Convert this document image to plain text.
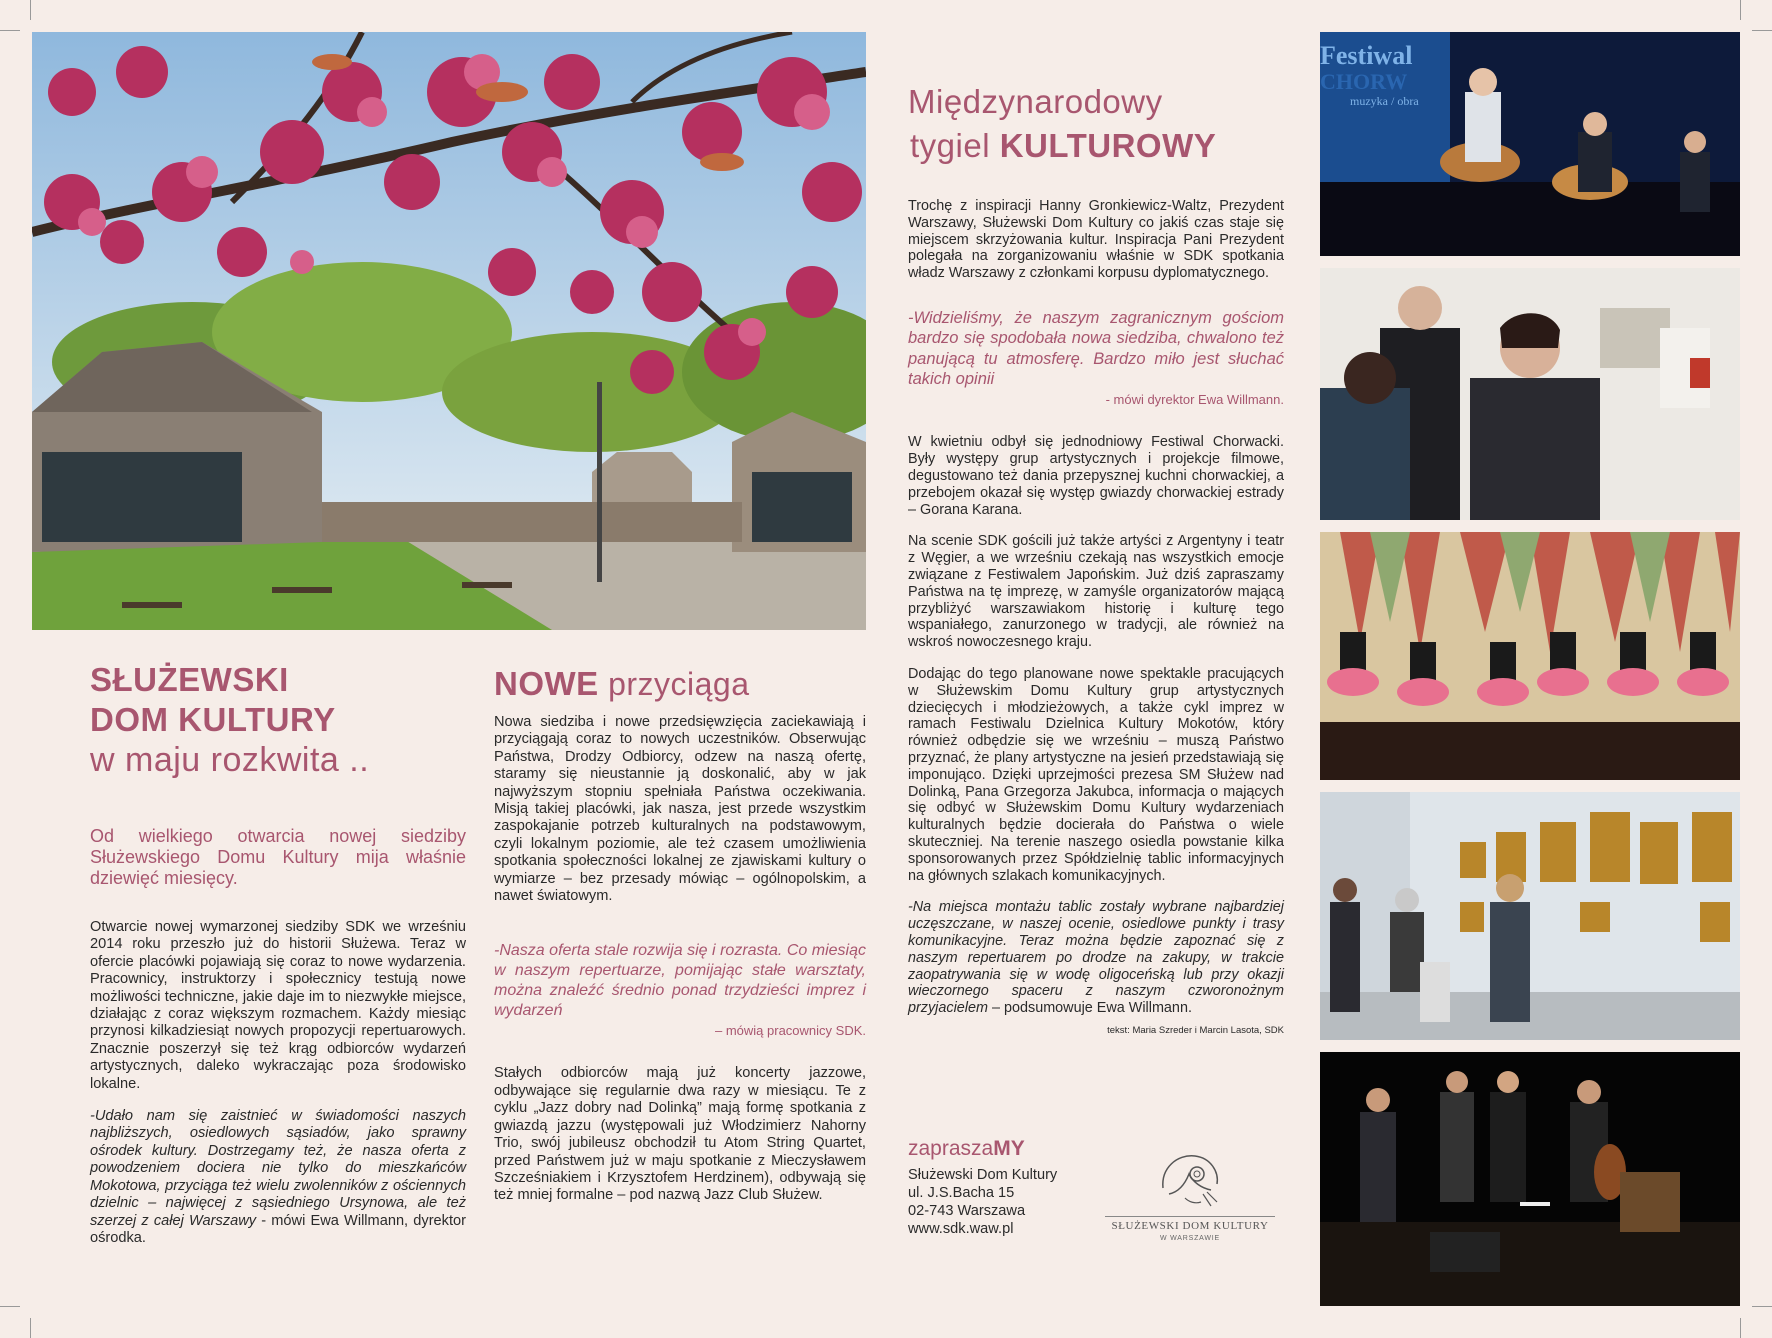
SŁUŻEWSKI
DOM KULTURY
w maju rozkwita ..

Od wielkiego otwarcia nowej siedziby Służewskiego Domu Kultury mija właśnie dziewięć miesięcy.

Otwarcie nowej wymarzonej siedziby SDK we wrześniu 2014 roku przeszło już do historii Służewa. Teraz w ofercie placówki pojawiają się coraz to nowe wydarzenia. Pracownicy, instruktorzy i społecznicy testują nowe możliwości techniczne, jakie daje im to niezwykłe miejsce, działając z coraz większym rozmachem. Każdy miesiąc przynosi kilkadziesiąt nowych propozycji repertuarowych. Znacznie poszerzył się też krąg odbiorców wydarzeń artystycznych, daleko wykraczając poza środowisko lokalne.

-Udało nam się zaistnieć w świadomości naszych najbliższych, osiedlowych sąsiadów, jako sprawny ośrodek kultury. Dostrzegamy też, że nasza oferta z powodzeniem dociera nie tylko do mieszkańców Mokotowa, przyciąga też wielu zwolenników z ościennych dzielnic – najwięcej z sąsiedniego Ursynowa, ale też szerzej z całej Warszawy - mówi Ewa Willmann, dyrektor ośrodka.

NOWE przyciąga

Nowa siedziba i nowe przedsięwzięcia zaciekawiają i przyciągają coraz to nowych uczestników. Obserwując Państwa, Drodzy Odbiorcy, odzew na naszą ofertę, staramy się nieustannie ją doskonalić, aby w jak najwyższym stopniu spełniała Państwa oczekiwania. Misją takiej placówki, jak nasza, jest przede wszystkim zaspokajanie potrzeb kulturalnych na podstawowym, czyli lokalnym poziomie, ale też czasem umożliwienia spotkania społeczności lokalnej ze zjawiskami kultury o wymiarze – bez przesady mówiąc – ogólnopolskim, a nawet światowym.

-Nasza oferta stale rozwija się i rozrasta. Co miesiąc w naszym repertuarze, pomijając stałe warsztaty, można znaleźć średnio ponad trzydzieści imprez i wydarzeń
– mówią pracownicy SDK.

Stałych odbiorców mają już koncerty jazzowe, odbywające się regularnie dwa razy w miesiącu. Te z cyklu „Jazz dobry nad Dolinką” mają formę spotkania z gwiazdą jazzu (występowali już Włodzimierz Nahorny Trio, swój jubileusz obchodził tu Atom String Quartet, przed Państwem już w maju spotkanie z Mieczysławem Szcześniakiem i Krzysztofem Herdzinem), odbywają się też mniej formalne – pod nazwą Jazz Club Służew.

Międzynarodowy
tygiel KULTUROWY

Trochę z inspiracji Hanny Gronkiewicz-Waltz, Prezydent Warszawy, Służewski Dom Kultury co jakiś czas staje się miejscem skrzyżowania kultur. Inspiracja Pani Prezydent polegała na zorganizowaniu właśnie w SDK spotkania władz Warszawy z członkami korpusu dyplomatycznego.

-Widzieliśmy, że naszym zagranicznym gościom bardzo się spodobała nowa siedziba, chwalono też panującą tu atmosferę. Bardzo miło jest słuchać takich opinii
- mówi dyrektor Ewa Willmann.

W kwietniu odbył się jednodniowy Festiwal Chorwacki. Były występy grup artystycznych i projekcje filmowe, degustowano też dania przepysznej kuchni chorwackiej, a przebojem okazał się występ gwiazdy chorwackiej estrady – Gorana Karana.

Na scenie SDK gościli już także artyści z Argentyny i teatr z Węgier, a we wrześniu czekają nas wszystkich emocje związane z Festiwalem Japońskim. Już dziś zapraszamy Państwa na tę imprezę, w zamyśle organizatorów mającą przybliżyć warszawiakom historię i kulturę tego wspaniałego, zanurzonego w tradycji, ale również na wskroś nowoczesnego kraju.

Dodając do tego planowane nowe spektakle pracujących w Służewskim Domu Kultury grup artystycznych dziecięcych i młodzieżowych, a także cykl imprez w ramach Festiwalu Dzielnica Kultury Mokotów, który również odbędzie się we wrześniu – muszą Państwo przyznać, że plany artystyczne na jesień przedstawiają się imponująco. Dzięki uprzejmości prezesa SM Służew nad Dolinką, Pana Grzegorza Jakubca, informacja o mających się odbyć w Służewskim Domu Kultury wydarzeniach kulturalnych będzie docierała do Państwa o wiele skuteczniej. Na terenie naszego osiedla powstanie kilka sponsorowanych przez Spółdzielnię tablic informacyjnych na głównych szlakach komunikacyjnych.

-Na miejsca montażu tablic zostały wybrane najbardziej uczęszczane, w naszej ocenie, osiedlowe punkty i trasy komunikacyjne. Teraz można będzie zapoznać się z naszym repertuarem po drodze na zakupy, w trakcie zaopatrywania się w wodę oligoceńską lub przy okazji wieczornego spaceru z naszym czworonożnym przyjacielem – podsumowuje Ewa Willmann.

tekst: Maria Szreder i Marcin Lasota, SDK
zapraszaMY
Służewski Dom Kultury
ul. J.S.Bacha 15
02-743 Warszawa
www.sdk.waw.pl	SŁUŻEWSKI DOM KULTURY
W WARSZAWIE
Festiwal
CHORW
muzyka / obra
